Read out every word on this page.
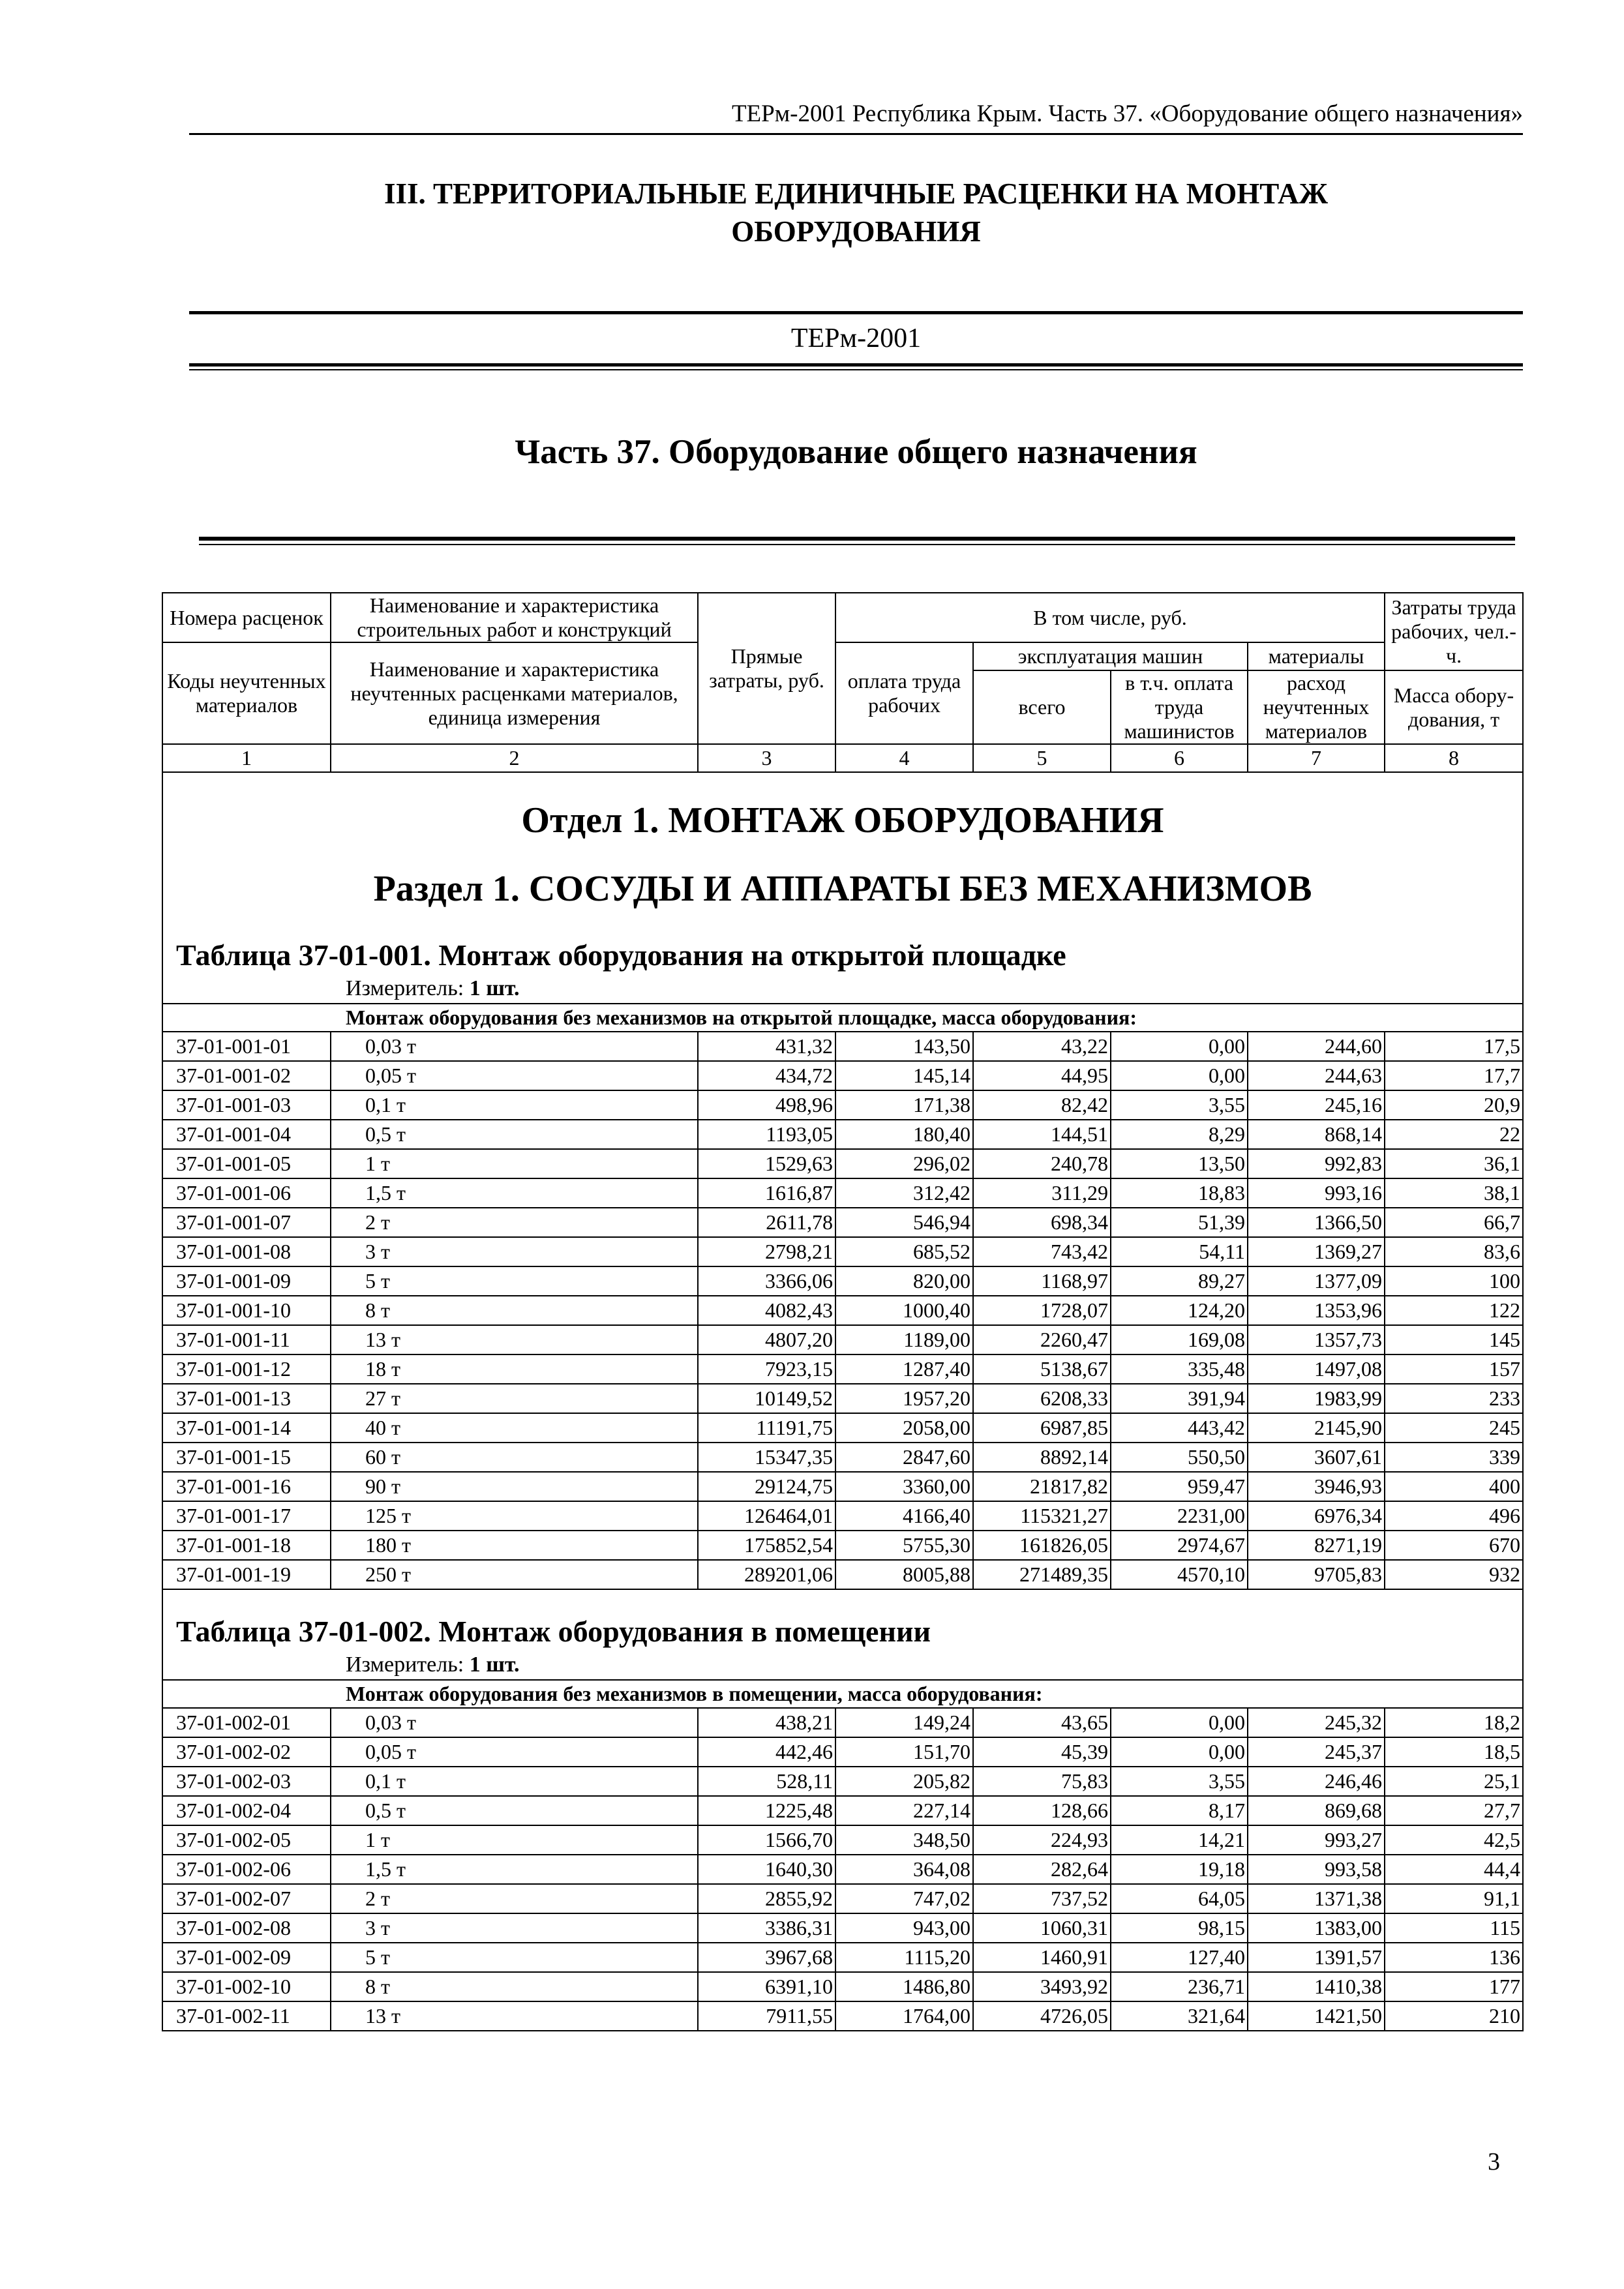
ТЕРм-2001 Республика Крым. Часть 37. «Оборудование общего назначения»
III. ТЕРРИТОРИАЛЬНЫЕ ЕДИНИЧНЫЕ РАСЦЕНКИ НА МОНТАЖ
ОБОРУДОВАНИЯ
ТЕРм-2001
Часть 37. Оборудование общего назначения
Номера расценок	Наименование и характеристика строительных работ и конструкций	Прямые затраты, руб.	В том числе, руб.				Затраты труда рабочих, чел.-ч.
Коды неучтенных материалов	Наименование и характеристика неучтенных расценками материалов, единица измерения		оплата труда рабочих	эксплуатация машин		материалы	
				всего	в т.ч. оплата труда машинистов	расход неучтенных материалов	Масса обору-дования, т
1	2	3	4	5	6	7	8

Отдел 1. МОНТАЖ ОБОРУДОВАНИЯ							

Раздел 1. СОСУДЫ И АППАРАТЫ БЕЗ МЕХАНИЗМОВ							

Таблица 37-01-001. Монтаж оборудования на открытой площадке							

Измеритель: 1 шт.							

Монтаж оборудования без механизмов на открытой площадке, масса оборудования:							
37-01-001-01	0,03 т	431,32	143,50	43,22	0,00	244,60	17,5
37-01-001-02	0,05 т	434,72	145,14	44,95	0,00	244,63	17,7
37-01-001-03	0,1 т	498,96	171,38	82,42	3,55	245,16	20,9
37-01-001-04	0,5 т	1193,05	180,40	144,51	8,29	868,14	22
37-01-001-05	1 т	1529,63	296,02	240,78	13,50	992,83	36,1
37-01-001-06	1,5 т	1616,87	312,42	311,29	18,83	993,16	38,1
37-01-001-07	2 т	2611,78	546,94	698,34	51,39	1366,50	66,7
37-01-001-08	3 т	2798,21	685,52	743,42	54,11	1369,27	83,6
37-01-001-09	5 т	3366,06	820,00	1168,97	89,27	1377,09	100
37-01-001-10	8 т	4082,43	1000,40	1728,07	124,20	1353,96	122
37-01-001-11	13 т	4807,20	1189,00	2260,47	169,08	1357,73	145
37-01-001-12	18 т	7923,15	1287,40	5138,67	335,48	1497,08	157
37-01-001-13	27 т	10149,52	1957,20	6208,33	391,94	1983,99	233
37-01-001-14	40 т	11191,75	2058,00	6987,85	443,42	2145,90	245
37-01-001-15	60 т	15347,35	2847,60	8892,14	550,50	3607,61	339
37-01-001-16	90 т	29124,75	3360,00	21817,82	959,47	3946,93	400
37-01-001-17	125 т	126464,01	4166,40	115321,27	2231,00	6976,34	496
37-01-001-18	180 т	175852,54	5755,30	161826,05	2974,67	8271,19	670
37-01-001-19	250 т	289201,06	8005,88	271489,35	4570,10	9705,83	932

Таблица 37-01-002. Монтаж оборудования в помещении							

Измеритель: 1 шт.							

Монтаж оборудования без механизмов в помещении, масса оборудования:							
37-01-002-01	0,03 т	438,21	149,24	43,65	0,00	245,32	18,2
37-01-002-02	0,05 т	442,46	151,70	45,39	0,00	245,37	18,5
37-01-002-03	0,1 т	528,11	205,82	75,83	3,55	246,46	25,1
37-01-002-04	0,5 т	1225,48	227,14	128,66	8,17	869,68	27,7
37-01-002-05	1 т	1566,70	348,50	224,93	14,21	993,27	42,5
37-01-002-06	1,5 т	1640,30	364,08	282,64	19,18	993,58	44,4
37-01-002-07	2 т	2855,92	747,02	737,52	64,05	1371,38	91,1
37-01-002-08	3 т	3386,31	943,00	1060,31	98,15	1383,00	115
37-01-002-09	5 т	3967,68	1115,20	1460,91	127,40	1391,57	136
37-01-002-10	8 т	6391,10	1486,80	3493,92	236,71	1410,38	177
37-01-002-11	13 т	7911,55	1764,00	4726,05	321,64	1421,50	210
3
